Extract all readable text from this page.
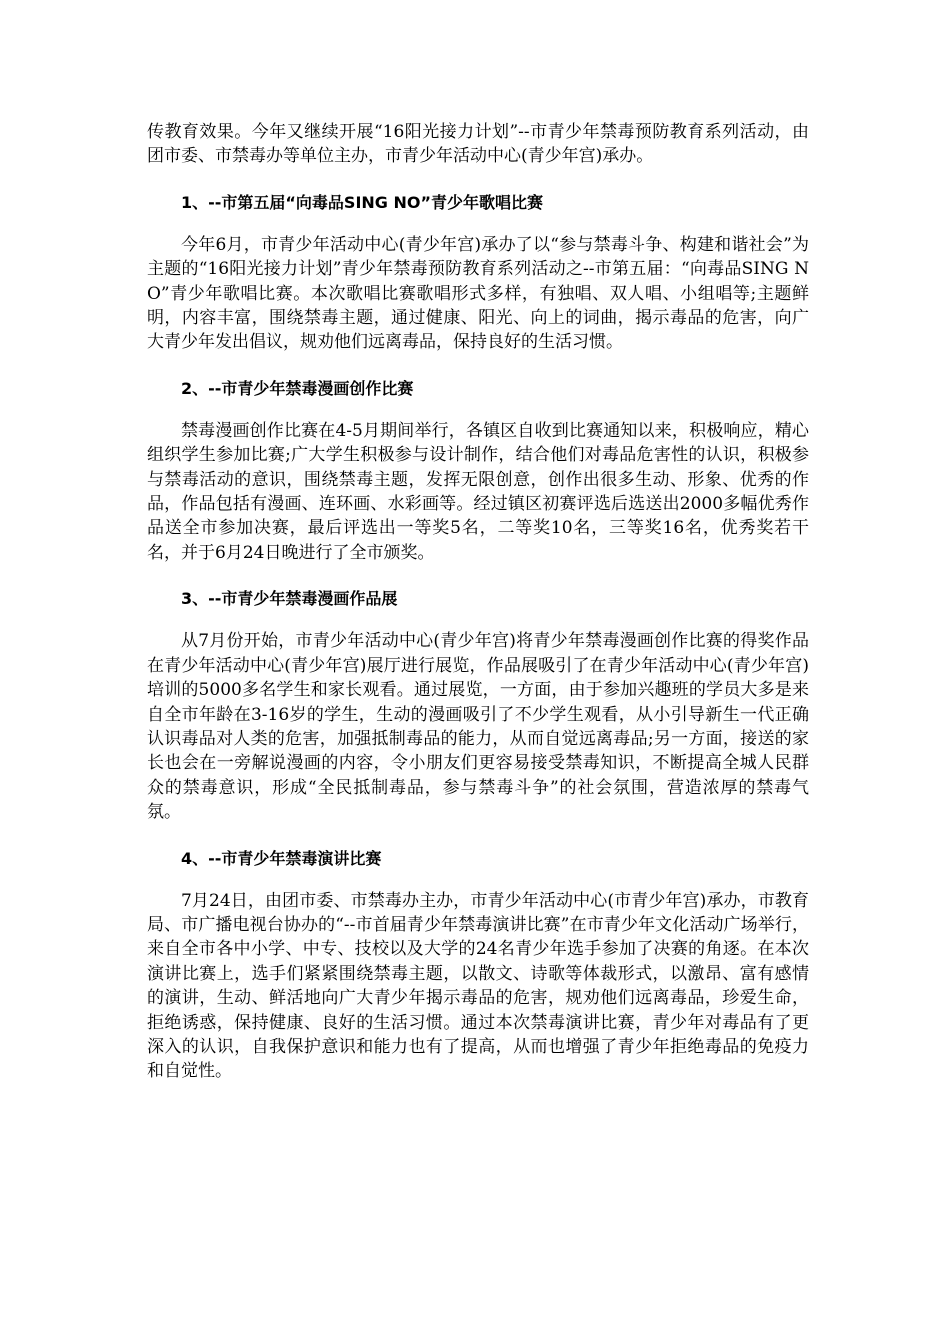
传教育效果。今年又继续开展“16阳光接力计划”--市青少年禁毒预防教育系列活动，由团市委、市禁毒办等单位主办，市青少年活动中心(青少年宫)承办。

1、--市第五届“向毒品SING NO”青少年歌唱比赛

今年6月，市青少年活动中心(青少年宫)承办了以“参与禁毒斗争、构建和谐社会”为主题的“16阳光接力计划”青少年禁毒预防教育系列活动之--市第五届：“向毒品SING NO”青少年歌唱比赛。本次歌唱比赛歌唱形式多样，有独唱、双人唱、小组唱等;主题鲜明，内容丰富，围绕禁毒主题，通过健康、阳光、向上的词曲，揭示毒品的危害，向广大青少年发出倡议，规劝他们远离毒品，保持良好的生活习惯。

2、--市青少年禁毒漫画创作比赛

禁毒漫画创作比赛在4-5月期间举行，各镇区自收到比赛通知以来，积极响应，精心组织学生参加比赛;广大学生积极参与设计制作，结合他们对毒品危害性的认识，积极参与禁毒活动的意识，围绕禁毒主题，发挥无限创意，创作出很多生动、形象、优秀的作品，作品包括有漫画、连环画、水彩画等。经过镇区初赛评选后选送出2000多幅优秀作品送全市参加决赛，最后评选出一等奖5名，二等奖10名，三等奖16名，优秀奖若干名，并于6月24日晚进行了全市颁奖。

3、--市青少年禁毒漫画作品展

从7月份开始，市青少年活动中心(青少年宫)将青少年禁毒漫画创作比赛的得奖作品在青少年活动中心(青少年宫)展厅进行展览，作品展吸引了在青少年活动中心(青少年宫)培训的5000多名学生和家长观看。通过展览，一方面，由于参加兴趣班的学员大多是来自全市年龄在3-16岁的学生，生动的漫画吸引了不少学生观看，从小引导新生一代正确认识毒品对人类的危害，加强抵制毒品的能力，从而自觉远离毒品;另一方面，接送的家长也会在一旁解说漫画的内容，令小朋友们更容易接受禁毒知识，不断提高全城人民群众的禁毒意识，形成“全民抵制毒品，参与禁毒斗争”的社会氛围，营造浓厚的禁毒气氛。

4、--市青少年禁毒演讲比赛

7月24日，由团市委、市禁毒办主办，市青少年活动中心(市青少年宫)承办，市教育局、市广播电视台协办的“--市首届青少年禁毒演讲比赛”在市青少年文化活动广场举行，来自全市各中小学、中专、技校以及大学的24名青少年选手参加了决赛的角逐。在本次演讲比赛上，选手们紧紧围绕禁毒主题，以散文、诗歌等体裁形式，以激昂、富有感情的演讲，生动、鲜活地向广大青少年揭示毒品的危害，规劝他们远离毒品，珍爱生命，拒绝诱惑，保持健康、良好的生活习惯。通过本次禁毒演讲比赛，青少年对毒品有了更深入的认识，自我保护意识和能力也有了提高，从而也增强了青少年拒绝毒品的免疫力和自觉性。
